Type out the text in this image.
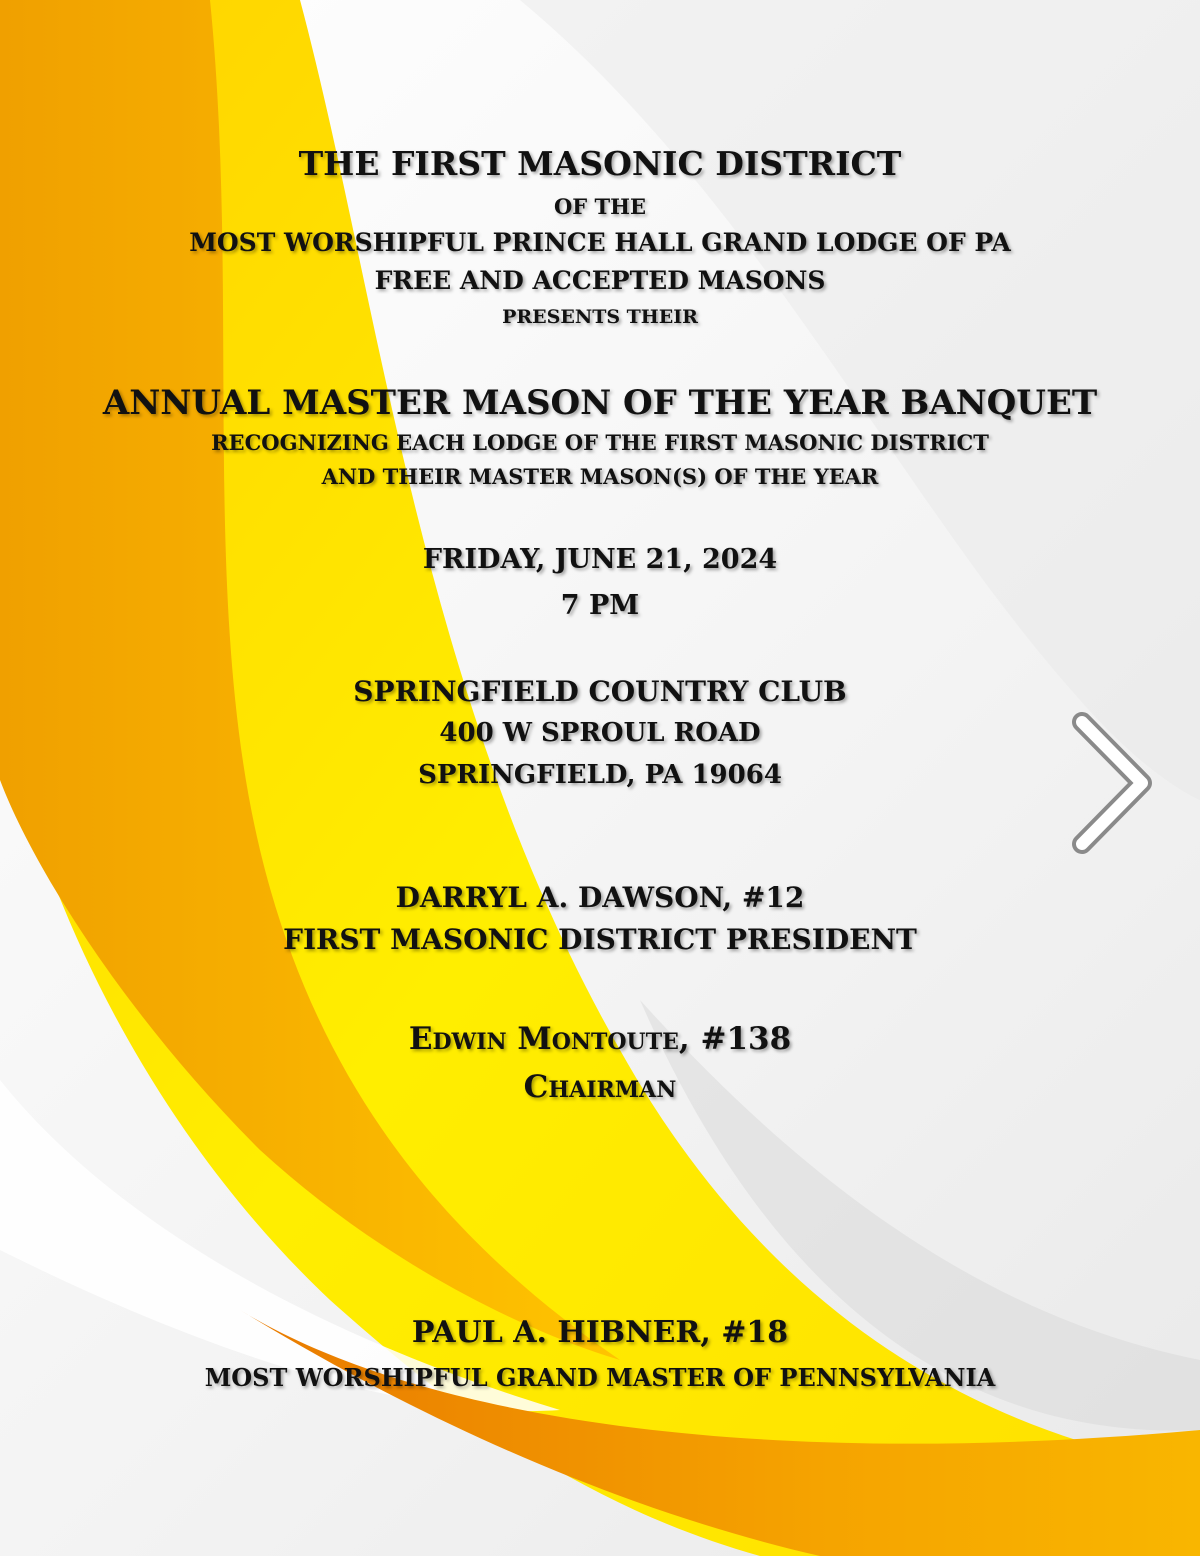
THE FIRST MASONIC DISTRICT
OF THE
MOST WORSHIPFUL PRINCE HALL GRAND LODGE OF PA
FREE AND ACCEPTED MASONS
PRESENTS THEIR
ANNUAL MASTER MASON OF THE YEAR BANQUET
RECOGNIZING EACH LODGE OF THE FIRST MASONIC DISTRICT
AND THEIR MASTER MASON(S) OF THE YEAR
FRIDAY, JUNE 21, 2024
7 PM
SPRINGFIELD COUNTRY CLUB
400 W SPROUL ROAD
SPRINGFIELD, PA 19064
DARRYL A. DAWSON, #12
FIRST MASONIC DISTRICT PRESIDENT
Edwin Montoute, #138
Chairman
PAUL A. HIBNER, #18
MOST WORSHIPFUL GRAND MASTER OF PENNSYLVANIA
